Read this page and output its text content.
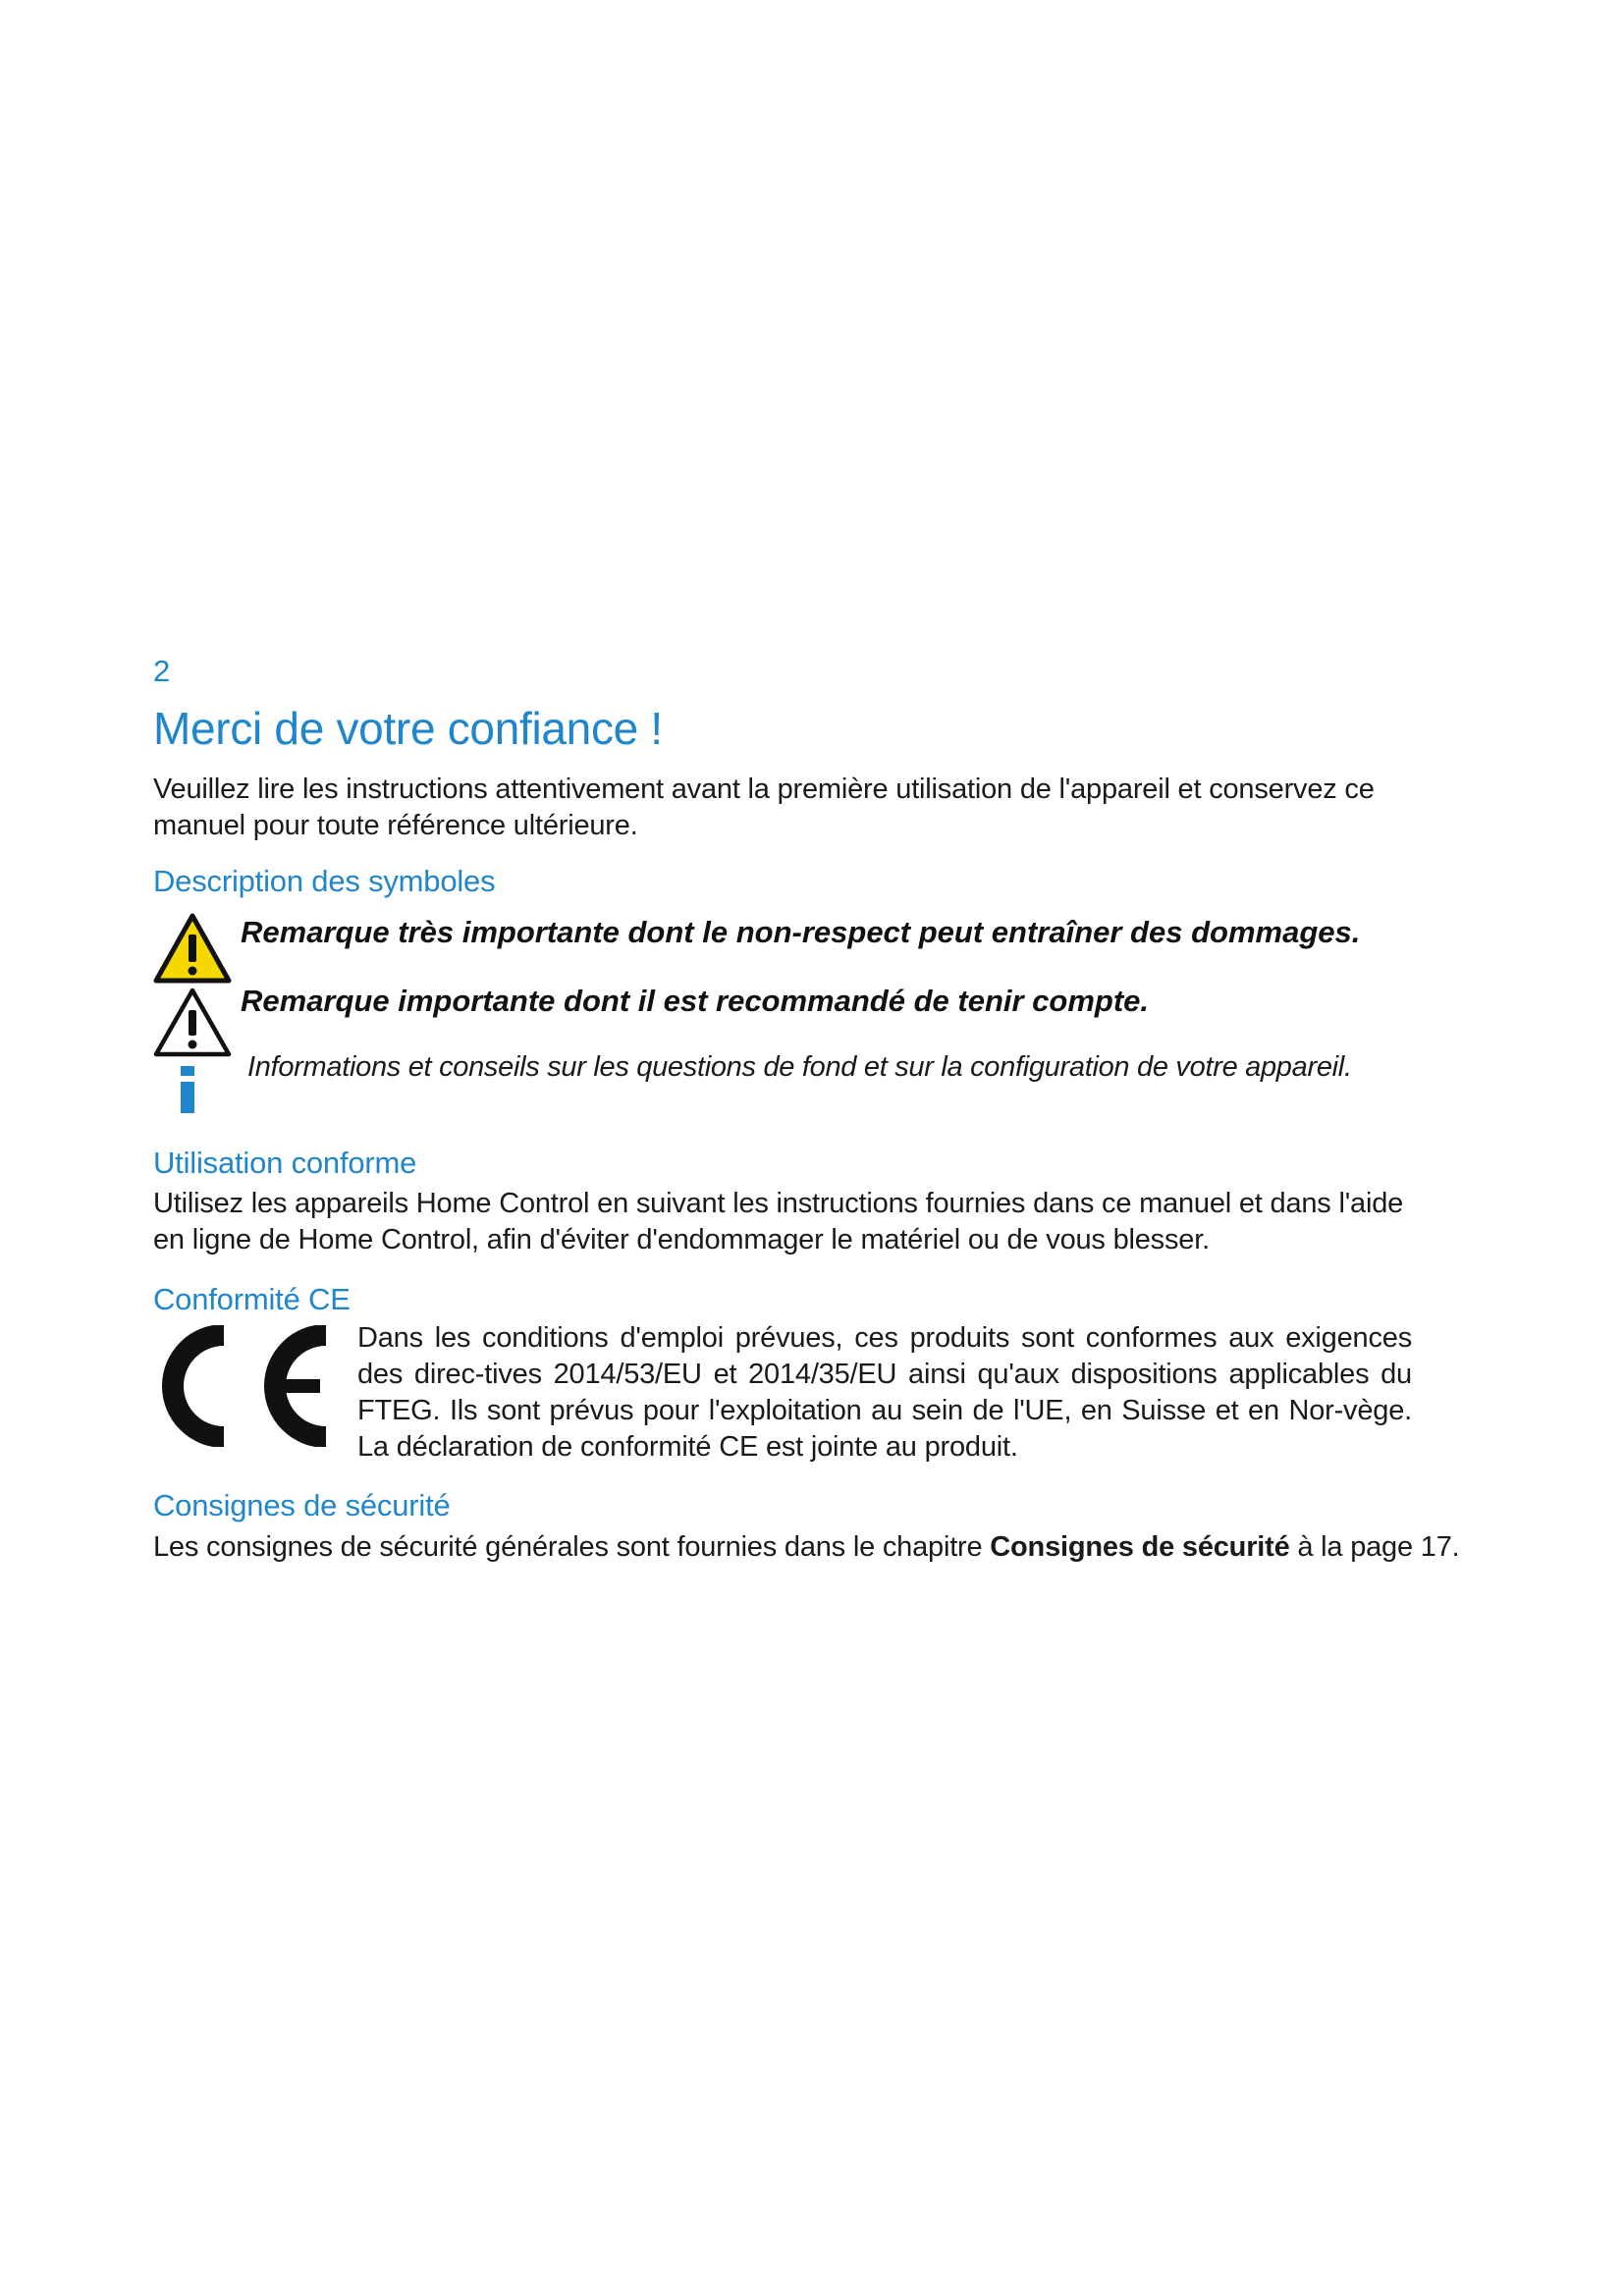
2
Merci de votre confiance !

Veuillez lire les instructions attentivement avant la première utilisation de l'appareil et conservez ce manuel pour toute référence ultérieure.

Description des symboles

Remarque très importante dont le non-respect peut entraîner des dommages.

Remarque importante dont il est recommandé de tenir compte.

Informations et conseils sur les questions de fond et sur la configuration de votre appareil.

Utilisation conforme

Utilisez les appareils Home Control en suivant les instructions fournies dans ce manuel et dans l'aide en ligne de Home Control, afin d'éviter d'endommager le matériel ou de vous blesser.

Conformité CE

Dans les conditions d'emploi prévues, ces produits sont conformes aux exigences des direc-tives 2014/53/EU et 2014/35/EU ainsi qu'aux dispositions applicables du FTEG. Ils sont prévus pour l'exploitation au sein de l'UE, en Suisse et en Nor-vège. La déclaration de conformité CE est jointe au produit.

Consignes de sécurité

Les consignes de sécurité générales sont fournies dans le chapitre Consignes de sécurité à la page 17.
